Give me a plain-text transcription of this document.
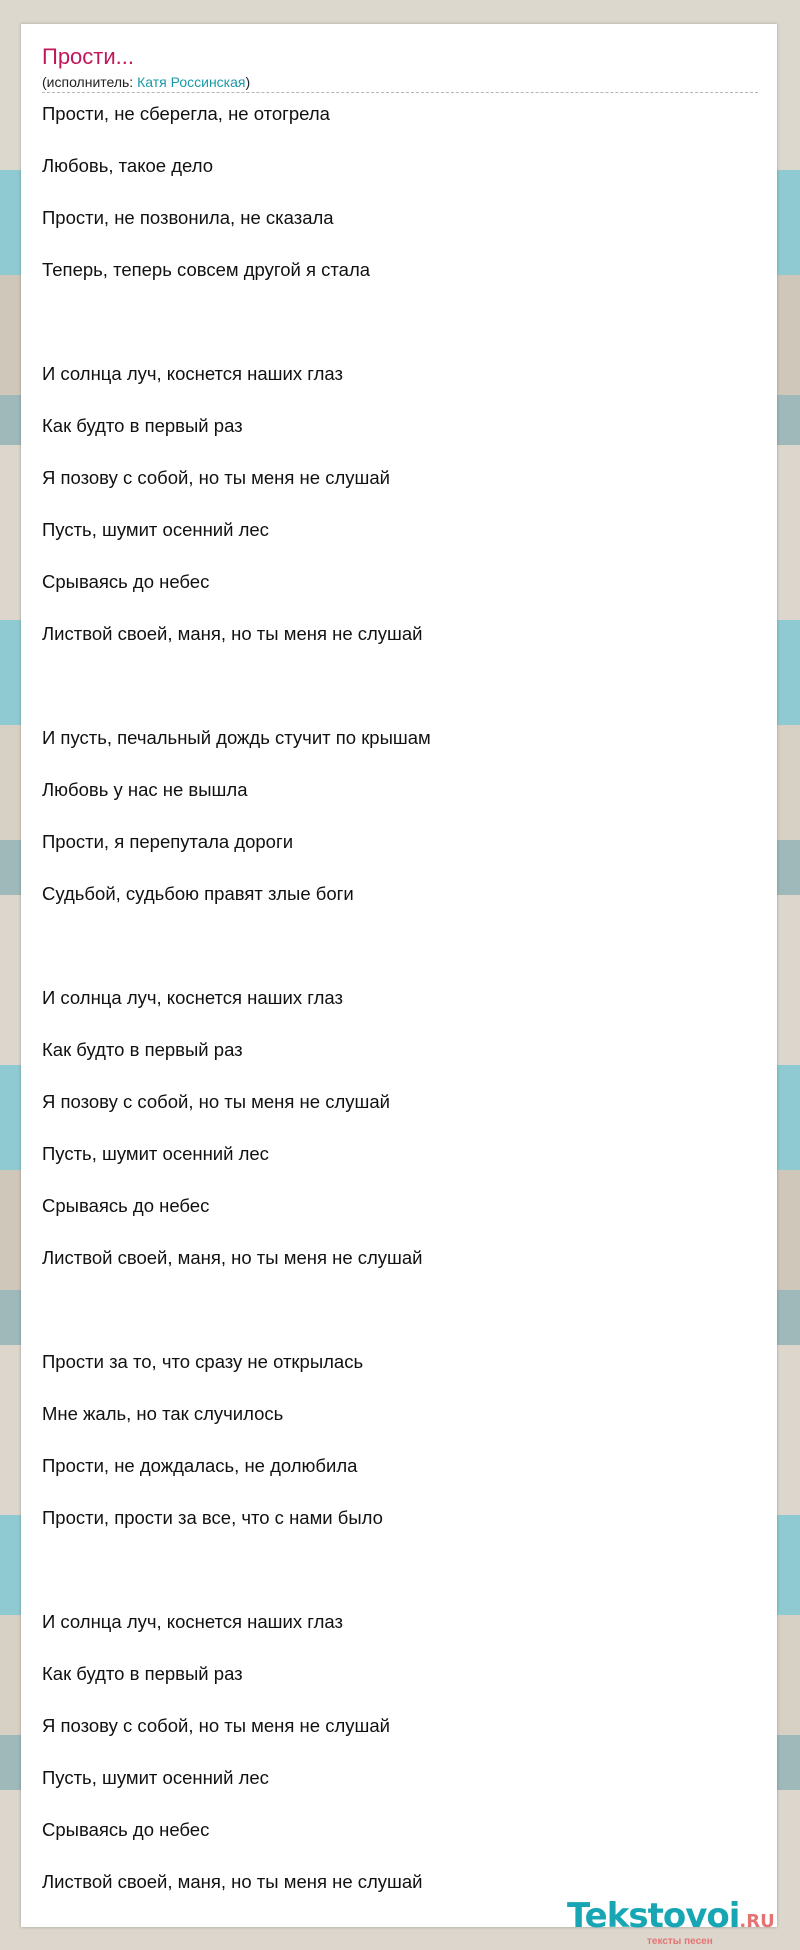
Прости...
(исполнитель: Катя Россинская)
Прости, не сберегла, не отогрела
Любовь, такое дело
Прости, не позвонила, не сказала
Теперь, теперь совсем другой я стала
И солнца луч, коснется наших глаз
Как будто в первый раз
Я позову с собой, но ты меня не слушай
Пусть, шумит осенний лес
Срываясь до небес
Листвой своей, маня, но ты меня не слушай
И пусть, печальный дождь стучит по крышам
Любовь у нас не вышла
Прости, я перепутала дороги
Судьбой, судьбою правят злые боги
И солнца луч, коснется наших глаз
Как будто в первый раз
Я позову с собой, но ты меня не слушай
Пусть, шумит осенний лес
Срываясь до небес
Листвой своей, маня, но ты меня не слушай
Прости за то, что сразу не открылась
Мне жаль, но так случилось
Прости, не дождалась, не долюбила
Прости, прости за все, что с нами было
И солнца луч, коснется наших глаз
Как будто в первый раз
Я позову с собой, но ты меня не слушай
Пусть, шумит осенний лес
Срываясь до небес
Листвой своей, маня, но ты меня не слушай
Tekstovoi.RU
тексты песен
